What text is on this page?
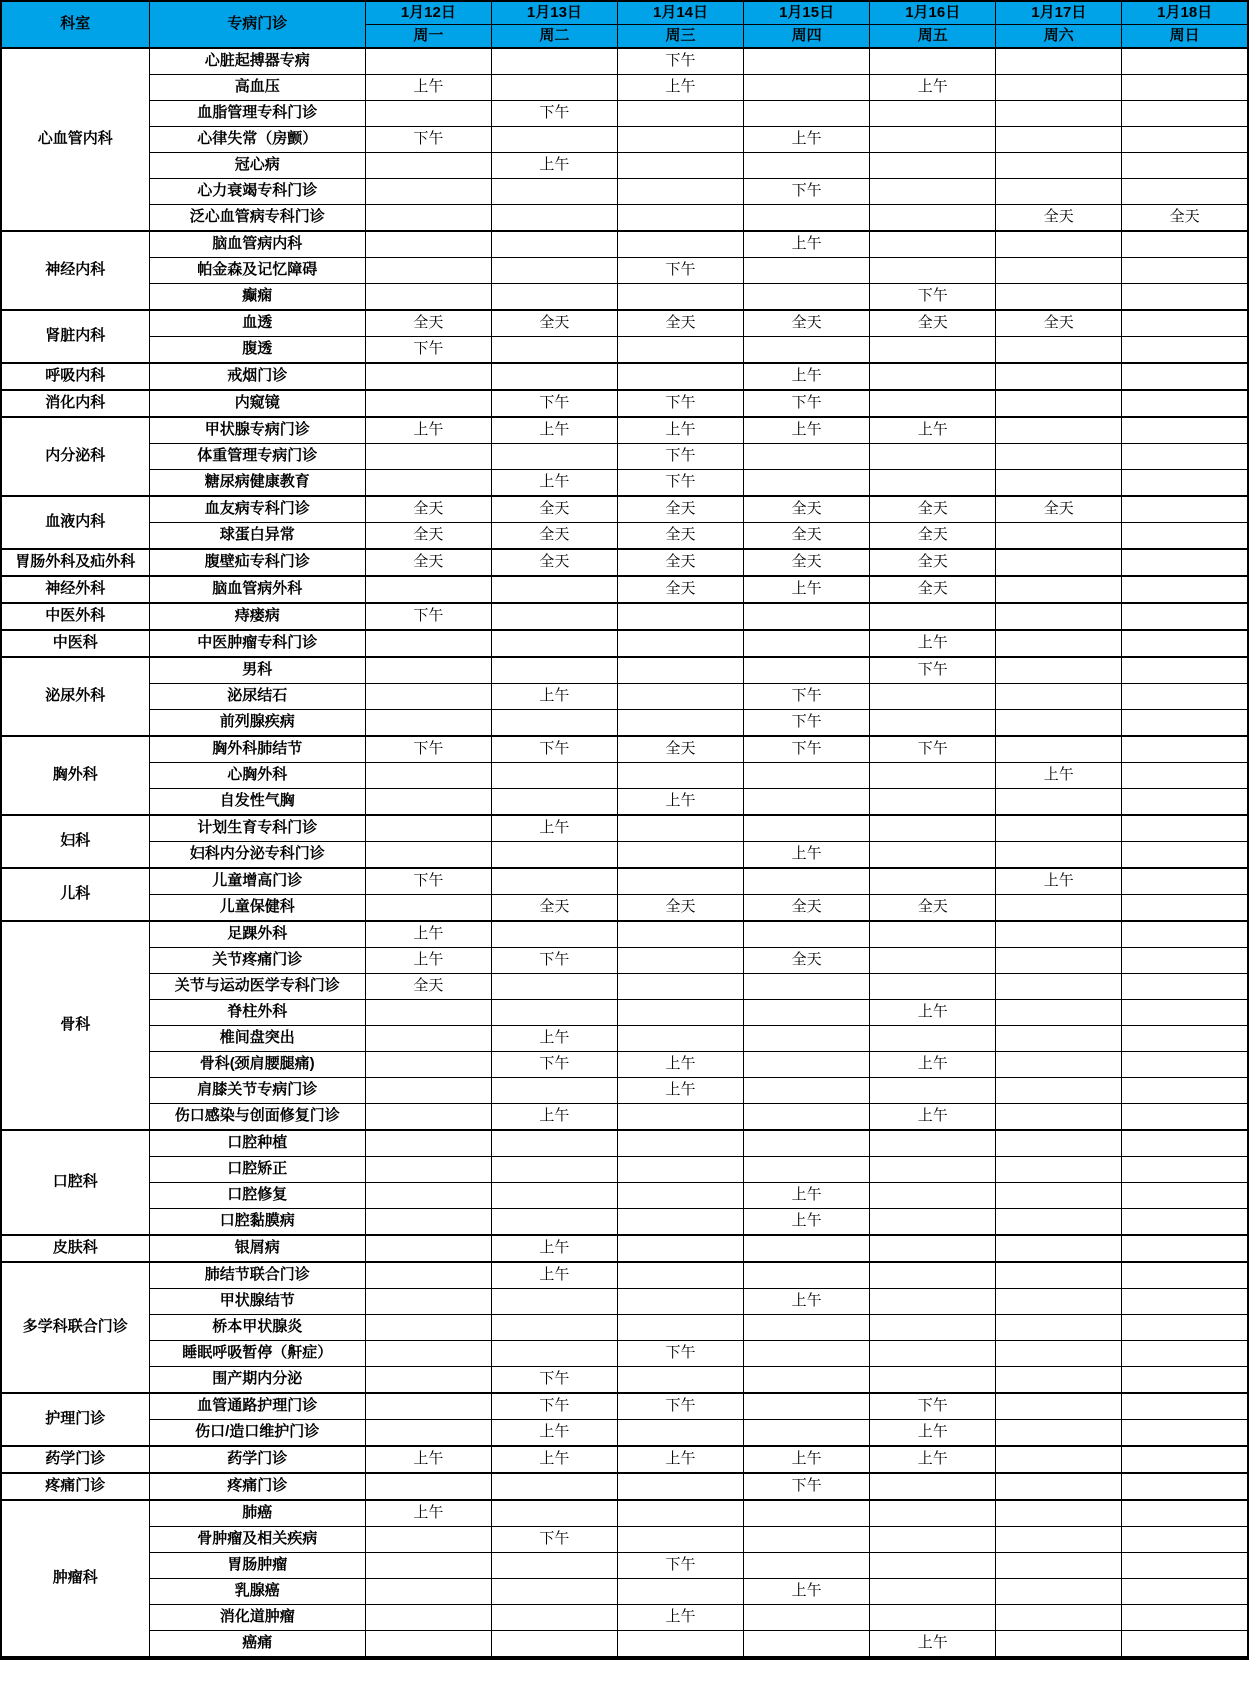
科室	专病门诊	1月12日	1月13日	1月14日	1月15日	1月16日	1月17日	1月18日
		周一	周二	周三	周四	周五	周六	周日
心血管内科	心脏起搏器专病			下午				
	高血压	上午		上午		上午		
	血脂管理专科门诊		下午					
	心律失常（房颤）	下午			上午			
	冠心病		上午					
	心力衰竭专科门诊				下午			
	泛心血管病专科门诊						全天	全天
神经内科	脑血管病内科				上午			
	帕金森及记忆障碍			下午				
	癫痫					下午		
肾脏内科	血透	全天	全天	全天	全天	全天	全天	
	腹透	下午						
呼吸内科	戒烟门诊				上午			
消化内科	内窥镜		下午	下午	下午			
内分泌科	甲状腺专病门诊	上午	上午	上午	上午	上午		
	体重管理专病门诊			下午				
	糖尿病健康教育		上午	下午				
血液内科	血友病专科门诊	全天	全天	全天	全天	全天	全天	
	球蛋白异常	全天	全天	全天	全天	全天		
胃肠外科及疝外科	腹壁疝专科门诊	全天	全天	全天	全天	全天		
神经外科	脑血管病外科			全天	上午	全天		
中医外科	痔瘘病	下午						
中医科	中医肿瘤专科门诊					上午		
泌尿外科	男科					下午		
	泌尿结石		上午		下午			
	前列腺疾病				下午			
胸外科	胸外科肺结节	下午	下午	全天	下午	下午		
	心胸外科						上午	
	自发性气胸			上午				
妇科	计划生育专科门诊		上午					
	妇科内分泌专科门诊				上午			
儿科	儿童增高门诊	下午					上午	
	儿童保健科		全天	全天	全天	全天		
骨科	足踝外科	上午						
	关节疼痛门诊	上午	下午		全天			
	关节与运动医学专科门诊	全天						
	脊柱外科					上午		
	椎间盘突出		上午					
	骨科(颈肩腰腿痛)		下午	上午		上午		
	肩膝关节专病门诊			上午				
	伤口感染与创面修复门诊		上午			上午		
口腔科	口腔种植							
	口腔矫正							
	口腔修复				上午			
	口腔黏膜病				上午			
皮肤科	银屑病		上午					
多学科联合门诊	肺结节联合门诊		上午					
	甲状腺结节				上午			
	桥本甲状腺炎							
	睡眠呼吸暂停（鼾症）			下午				
	围产期内分泌		下午					
护理门诊	血管通路护理门诊		下午	下午		下午		
	伤口/造口维护门诊		上午			上午		
药学门诊	药学门诊	上午	上午	上午	上午	上午		
疼痛门诊	疼痛门诊				下午			
肿瘤科	肺癌	上午						
	骨肿瘤及相关疾病		下午					
	胃肠肿瘤			下午				
	乳腺癌				上午			
	消化道肿瘤			上午				
	癌痛					上午		
